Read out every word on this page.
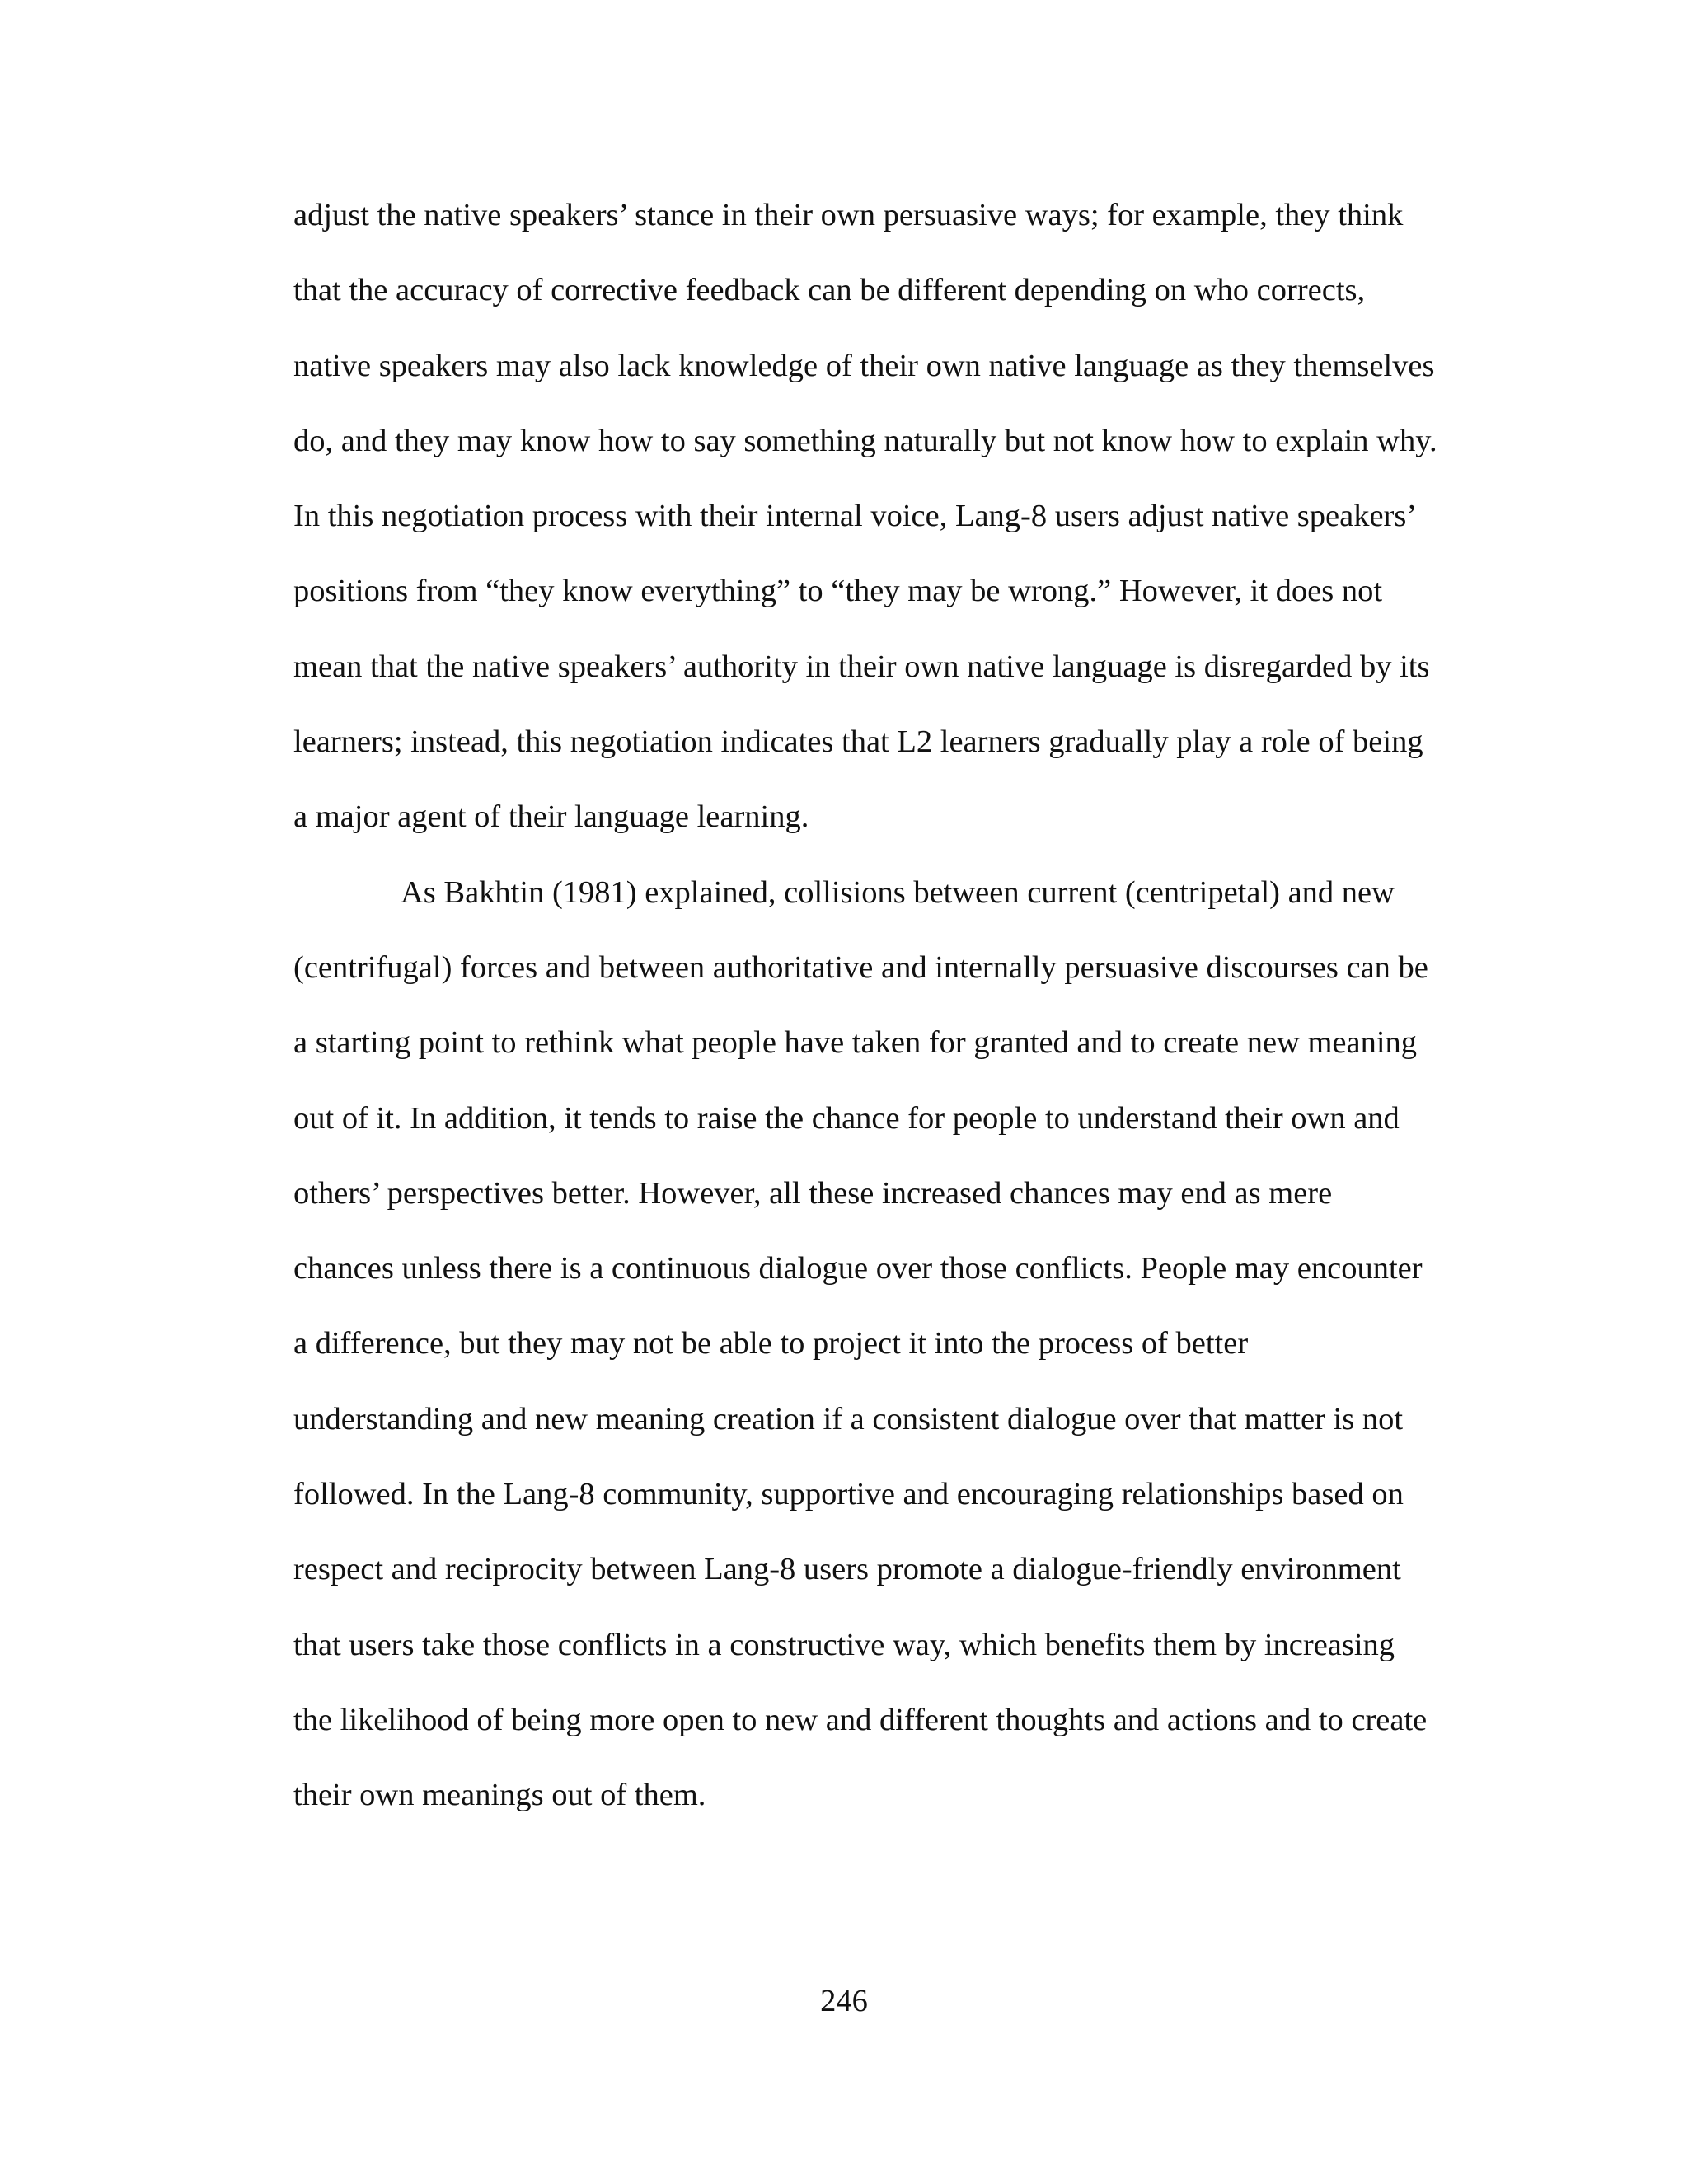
adjust the native speakers’ stance in their own persuasive ways; for example, they think
that the accuracy of corrective feedback can be different depending on who corrects,
native speakers may also lack knowledge of their own native language as they themselves
do, and they may know how to say something naturally but not know how to explain why.
In this negotiation process with their internal voice, Lang-8 users adjust native speakers’
positions from “they know everything” to “they may be wrong.” However, it does not
mean that the native speakers’ authority in their own native language is disregarded by its
learners; instead, this negotiation indicates that L2 learners gradually play a role of being
a major agent of their language learning.
As Bakhtin (1981) explained, collisions between current (centripetal) and new
(centrifugal) forces and between authoritative and internally persuasive discourses can be
a starting point to rethink what people have taken for granted and to create new meaning
out of it. In addition, it tends to raise the chance for people to understand their own and
others’ perspectives better. However, all these increased chances may end as mere
chances unless there is a continuous dialogue over those conflicts. People may encounter
a difference, but they may not be able to project it into the process of better
understanding and new meaning creation if a consistent dialogue over that matter is not
followed. In the Lang-8 community, supportive and encouraging relationships based on
respect and reciprocity between Lang-8 users promote a dialogue-friendly environment
that users take those conflicts in a constructive way, which benefits them by increasing
the likelihood of being more open to new and different thoughts and actions and to create
their own meanings out of them.
246
